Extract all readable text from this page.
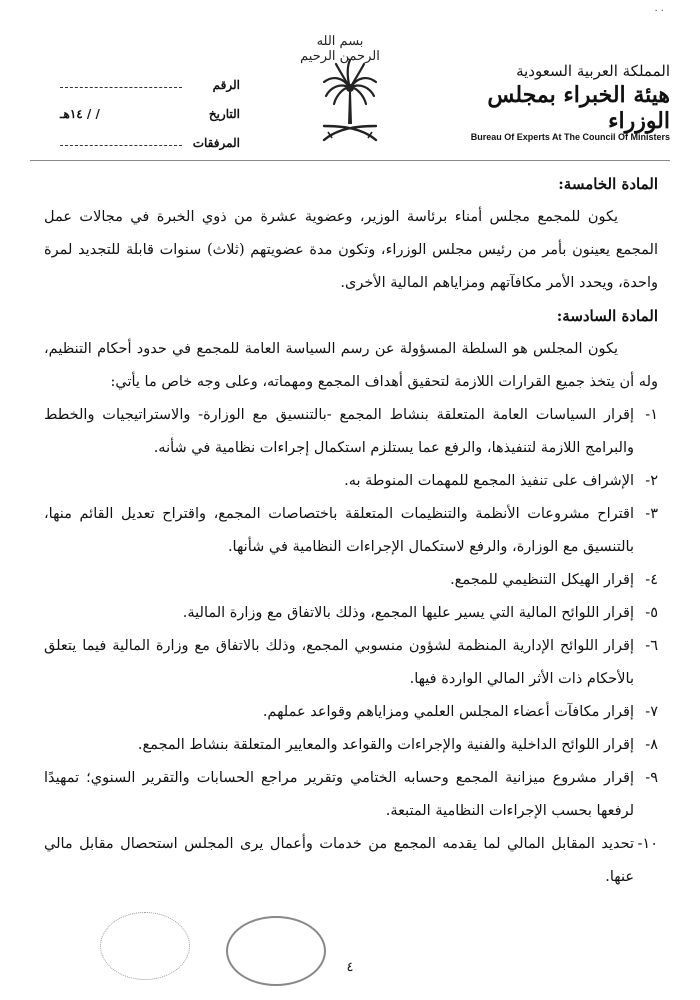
· ·
بسم الله الرحمن الرحيم
المملكة العربية السعودية
هيئة الخبراء بمجلس الوزراء
Bureau Of Experts At The Council Of Ministers
الرقم
التاريخ
/ / ١٤هـ
المرفقات
المادة الخامسة:
يكون للمجمع مجلس أمناء برئاسة الوزير، وعضوية عشرة من ذوي الخبرة في مجالات عمل المجمع يعينون بأمر من رئيس مجلس الوزراء، وتكون مدة عضويتهم (ثلاث) سنوات قابلة للتجديد لمرة واحدة، ويحدد الأمر مكافآتهم ومزاياهم المالية الأخرى.
المادة السادسة:
يكون المجلس هو السلطة المسؤولة عن رسم السياسة العامة للمجمع في حدود أحكام التنظيم، وله أن يتخذ جميع القرارات اللازمة لتحقيق أهداف المجمع ومهماته، وعلى وجه خاص ما يأتي:
١-
إقرار السياسات العامة المتعلقة بنشاط المجمع -بالتنسيق مع الوزارة- والاستراتيجيات والخطط والبرامج اللازمة لتنفيذها، والرفع عما يستلزم استكمال إجراءات نظامية في شأنه.
٢-
الإشراف على تنفيذ المجمع للمهمات المنوطة به.
٣-
اقتراح مشروعات الأنظمة والتنظيمات المتعلقة باختصاصات المجمع، واقتراح تعديل القائم منها، بالتنسيق مع الوزارة، والرفع لاستكمال الإجراءات النظامية في شأنها.
٤-
إقرار الهيكل التنظيمي للمجمع.
٥-
إقرار اللوائح المالية التي يسير عليها المجمع، وذلك بالاتفاق مع وزارة المالية.
٦-
إقرار اللوائح الإدارية المنظمة لشؤون منسوبي المجمع، وذلك بالاتفاق مع وزارة المالية فيما يتعلق بالأحكام ذات الأثر المالي الواردة فيها.
٧-
إقرار مكافآت أعضاء المجلس العلمي ومزاياهم وقواعد عملهم.
٨-
إقرار اللوائح الداخلية والفنية والإجراءات والقواعد والمعايير المتعلقة بنشاط المجمع.
٩-
إقرار مشروع ميزانية المجمع وحسابه الختامي وتقرير مراجع الحسابات والتقرير السنوي؛ تمهيدًا لرفعها بحسب الإجراءات النظامية المتبعة.
١٠-
تحديد المقابل المالي لما يقدمه المجمع من خدمات وأعمال يرى المجلس استحصال مقابل مالي عنها.
٤
